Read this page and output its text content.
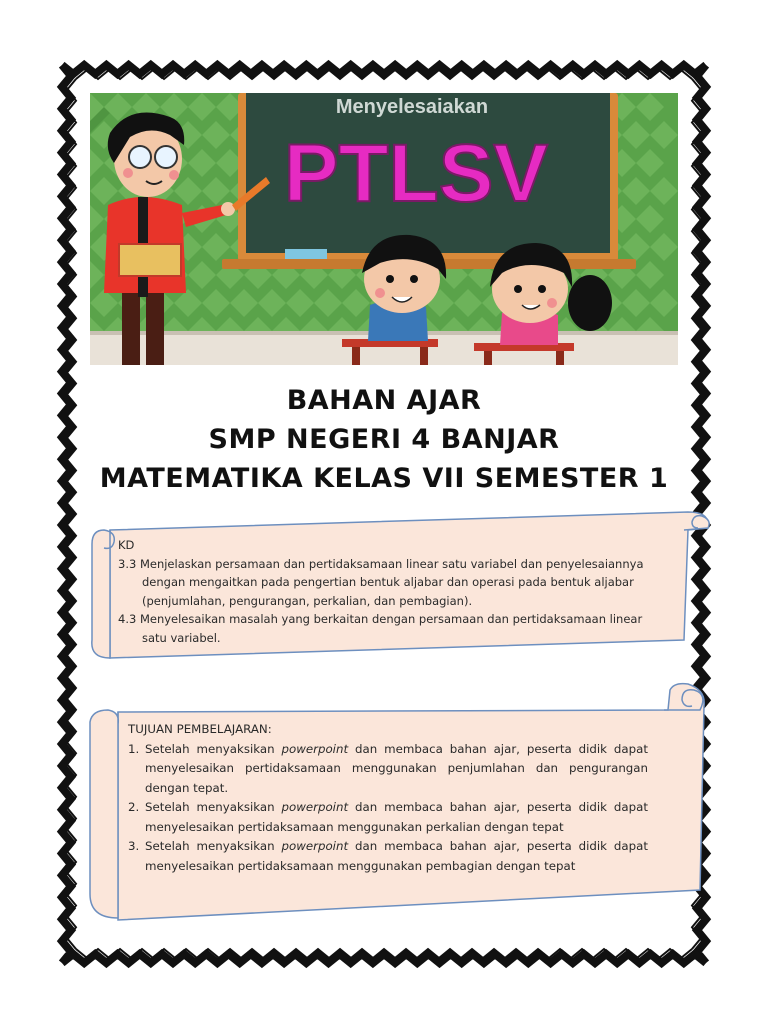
Menyelesaiakan
PTLSV
BAHAN AJAR
SMP NEGERI 4 BANJAR
MATEMATIKA KELAS VII SEMESTER 1
KD
3.3 Menjelaskan persamaan dan pertidaksamaan linear satu variabel dan penyelesaiannya dengan mengaitkan pada pengertian bentuk aljabar dan operasi pada bentuk aljabar (penjumlahan, pengurangan, perkalian, dan pembagian).
4.3 Menyelesaikan masalah yang berkaitan dengan persamaan dan pertidaksamaan linear satu variabel.
TUJUAN PEMBELAJARAN:
1. Setelah menyaksikan powerpoint dan membaca bahan ajar, peserta didik dapat menyelesaikan pertidaksamaan menggunakan penjumlahan dan pengurangan dengan tepat.
2. Setelah menyaksikan powerpoint dan membaca bahan ajar, peserta didik dapat menyelesaikan pertidaksamaan menggunakan perkalian dengan tepat
3. Setelah menyaksikan powerpoint dan membaca bahan ajar, peserta didik dapat menyelesaikan pertidaksamaan menggunakan pembagian dengan tepat
